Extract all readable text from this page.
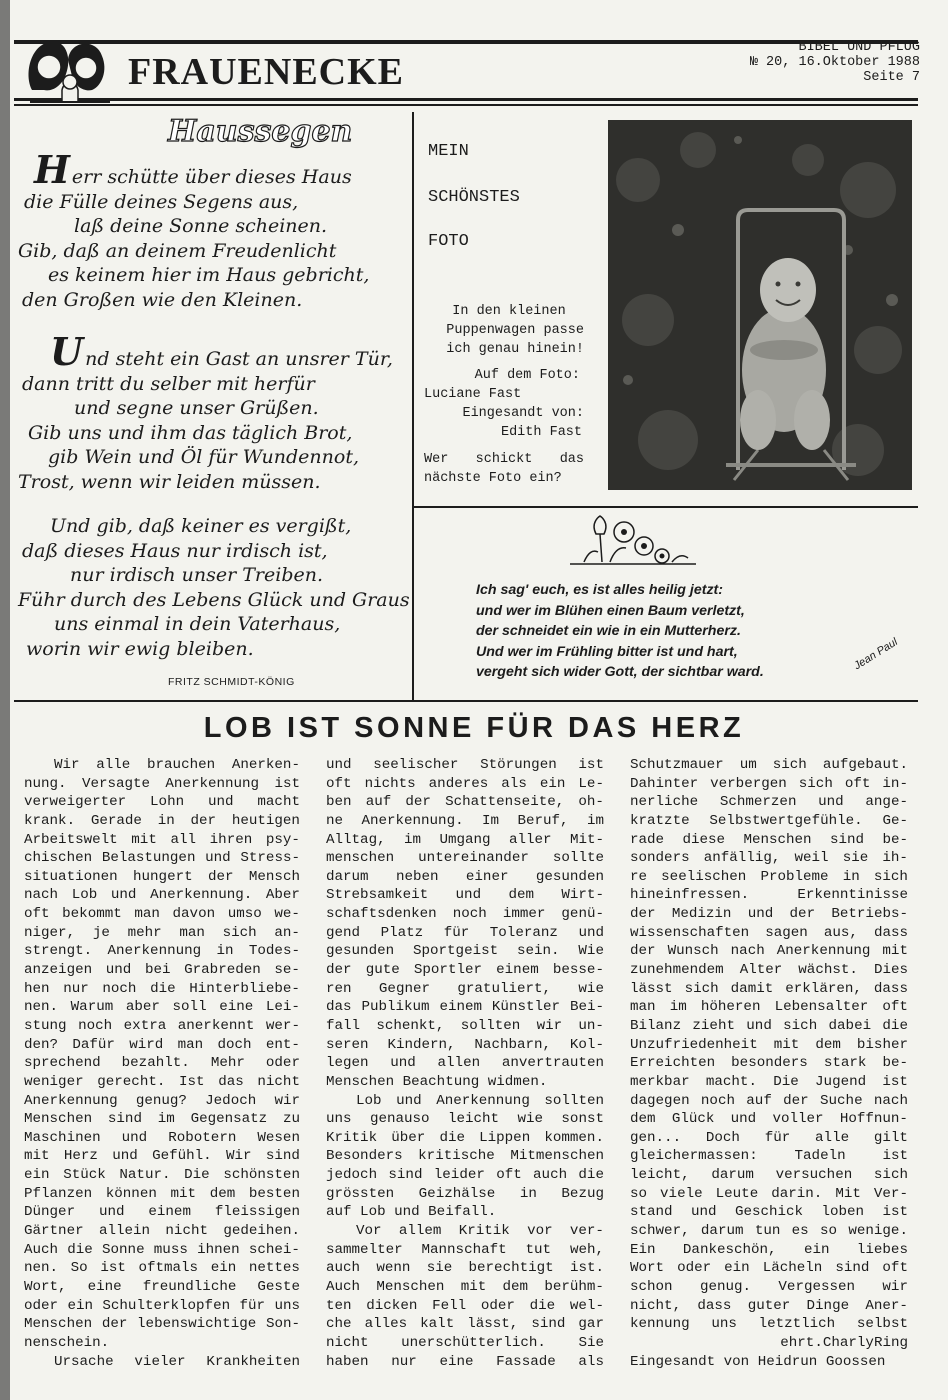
FRAUENECKE
BIBEL UND PFLUG
№ 20, 16.Oktober 1988
Seite 7
Haussegen
Herr schütte über dieses Haus
die Fülle deines Segens aus,
laß deine Sonne scheinen.
Gib, daß an deinem Freudenlicht
es keinem hier im Haus gebricht,
den Großen wie den Kleinen.
Und steht ein Gast an unsrer Tür,
dann tritt du selber mit herfür
und segne unser Grüßen.
Gib uns und ihm das täglich Brot,
gib Wein und Öl für Wundennot,
Trost, wenn wir leiden müssen.
Und gib, daß keiner es vergißt,
daß dieses Haus nur irdisch ist,
nur irdisch unser Treiben.
Führ durch des Lebens Glück und Graus
uns einmal in dein Vaterhaus,
worin wir ewig bleiben.
FRITZ SCHMIDT-KÖNIG
MEIN
SCHÖNSTES
FOTO
In den kleinen
Puppenwagen passe
ich genau hinein!
Auf dem Foto:
Luciane Fast
Eingesandt von:
Edith Fast
Wer schickt das
nächste Foto ein?
Ich sag' euch, es ist alles heilig jetzt:
und wer im Blühen einen Baum verletzt,
der schneidet ein wie in ein Mutterherz.
Und wer im Frühling bitter ist und hart,
vergeht sich wider Gott, der sichtbar ward.	Jean Paul
LOB IST SONNE FÜR DAS HERZ
Wir alle brauchen Anerken-
nung. Versagte Anerkennung ist
verweigerter Lohn und macht
krank. Gerade in der heutigen
Arbeitswelt mit all ihren psy-
chischen Belastungen und Stress-
situationen hungert der Mensch
nach Lob und Anerkennung. Aber
oft bekommt man davon umso we-
niger, je mehr man sich an-
strengt. Anerkennung in Todes-
anzeigen und bei Grabreden se-
hen nur noch die Hinterbliebe-
nen. Warum aber soll eine Lei-
stung noch extra anerkennt wer-
den? Dafür wird man doch ent-
sprechend bezahlt. Mehr oder
weniger gerecht. Ist das nicht
Anerkennung genug? Jedoch wir
Menschen sind im Gegensatz zu
Maschinen und Robotern Wesen
mit Herz und Gefühl. Wir sind
ein Stück Natur. Die schönsten
Pflanzen können mit dem besten
Dünger und einem fleissigen
Gärtner allein nicht gedeihen.
Auch die Sonne muss ihnen schei-
nen. So ist oftmals ein nettes
Wort, eine freundliche Geste
oder ein Schulterklopfen für uns
Menschen der lebenswichtige Son-
nenschein.
Ursache vieler Krankheiten
und seelischer Störungen ist
oft nichts anderes als ein Le-
ben auf der Schattenseite, oh-
ne Anerkennung. Im Beruf, im
Alltag, im Umgang aller Mit-
menschen untereinander sollte
darum neben einer gesunden
Strebsamkeit und dem Wirt-
schaftsdenken noch immer genü-
gend Platz für Toleranz und
gesunden Sportgeist sein. Wie
der gute Sportler einem besse-
ren Gegner gratuliert, wie
das Publikum einem Künstler Bei-
fall schenkt, sollten wir un-
seren Kindern, Nachbarn, Kol-
legen und allen anvertrauten
Menschen Beachtung widmen.
Lob und Anerkennung sollten
uns genauso leicht wie sonst
Kritik über die Lippen kommen.
Besonders kritische Mitmenschen
jedoch sind leider oft auch die
grössten Geizhälse in Bezug
auf Lob und Beifall.
Vor allem Kritik vor ver-
sammelter Mannschaft tut weh,
auch wenn sie berechtigt ist.
Auch Menschen mit dem berühm-
ten dicken Fell oder die wel-
che alles kalt lässt, sind gar
nicht unerschütterlich. Sie
haben nur eine Fassade als
Schutzmauer um sich aufgebaut.
Dahinter verbergen sich oft in-
nerliche Schmerzen und ange-
kratzte Selbstwertgefühle. Ge-
rade diese Menschen sind be-
sonders anfällig, weil sie ih-
re seelischen Probleme in sich
hineinfressen.	Erkenntinisse
der Medizin und der Betriebs-
wissenschaften sagen aus, dass
der Wunsch nach Anerkennung mit
zunehmendem Alter wächst. Dies
lässt sich damit erklären, dass
man im höheren Lebensalter oft
Bilanz zieht und sich dabei die
Unzufriedenheit mit dem bisher
Erreichten besonders stark be-
merkbar macht. Die Jugend ist
dagegen noch auf der Suche nach
dem Glück und voller Hoffnun-
gen... Doch für alle gilt
gleichermassen:	Tadeln	ist
leicht, darum versuchen sich
so viele Leute darin. Mit Ver-
stand und Geschick loben ist
schwer, darum tun es so wenige.
Ein Dankeschön, ein liebes
Wort oder ein Lächeln sind oft
schon genug. Vergessen wir
nicht, dass guter Dinge Aner-
kennung uns letztlich selbst
ehrt. Charly Ring
Eingesandt von Heidrun Goossen
